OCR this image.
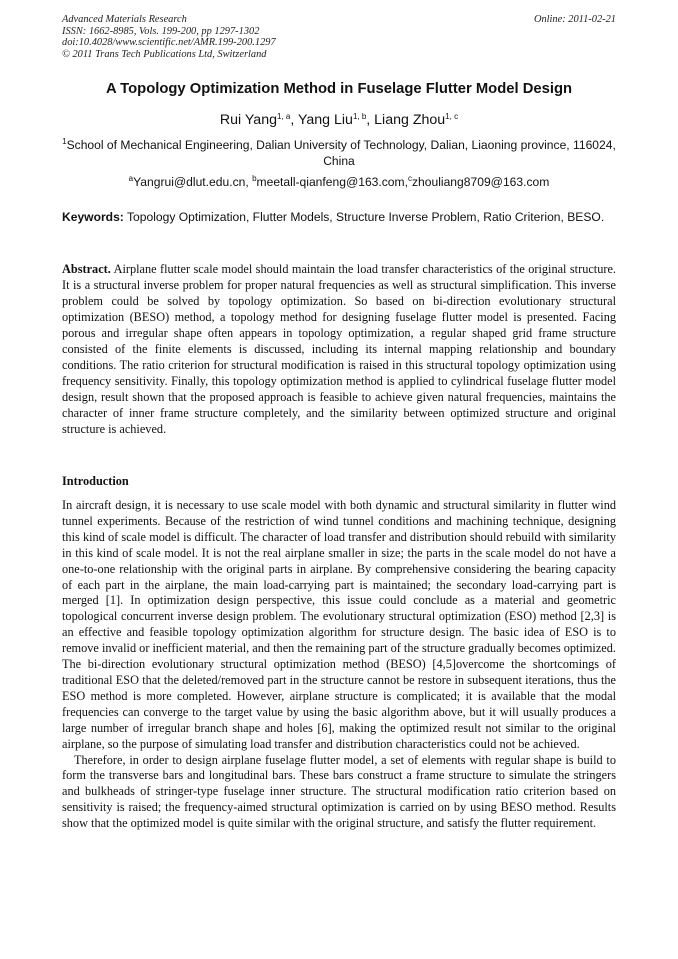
Advanced Materials Research
ISSN: 1662-8985, Vols. 199-200, pp 1297-1302
doi:10.4028/www.scientific.net/AMR.199-200.1297
© 2011 Trans Tech Publications Ltd, Switzerland
Online: 2011-02-21
A Topology Optimization Method in Fuselage Flutter Model Design
Rui Yang$^{1, a}$, Yang Liu$^{1, b}$, Liang Zhou$^{1, c}$
$^1$School of Mechanical Engineering, Dalian University of Technology, Dalian, Liaoning province, 116024, China
$^a$Yangrui@dlut.edu.cn, $^b$meetall-qianfeng@163.com,$^c$zhouliang8709@163.com
Keywords: Topology Optimization, Flutter Models, Structure Inverse Problem, Ratio Criterion, BESO.
Abstract. Airplane flutter scale model should maintain the load transfer characteristics of the original structure. It is a structural inverse problem for proper natural frequencies as well as structural simplification. This inverse problem could be solved by topology optimization. So based on bi-direction evolutionary structural optimization (BESO) method, a topology method for designing fuselage flutter model is presented. Facing porous and irregular shape often appears in topology optimization, a regular shaped grid frame structure consisted of the finite elements is discussed, including its internal mapping relationship and boundary conditions. The ratio criterion for structural modification is raised in this structural topology optimization using frequency sensitivity. Finally, this topology optimization method is applied to cylindrical fuselage flutter model design, result shown that the proposed approach is feasible to achieve given natural frequencies, maintains the character of inner frame structure completely, and the similarity between optimized structure and original structure is achieved.
Introduction

In aircraft design, it is necessary to use scale model with both dynamic and structural similarity in flutter wind tunnel experiments. Because of the restriction of wind tunnel conditions and machining technique, designing this kind of scale model is difficult. The character of load transfer and distribution should rebuild with similarity in this kind of scale model. It is not the real airplane smaller in size; the parts in the scale model do not have a one-to-one relationship with the original parts in airplane. By comprehensive considering the bearing capacity of each part in the airplane, the main load-carrying part is maintained; the secondary load-carrying part is merged [1]. In optimization design perspective, this issue could conclude as a material and geometric topological concurrent inverse design problem. The evolutionary structural optimization (ESO) method [2,3] is an effective and feasible topology optimization algorithm for structure design. The basic idea of ESO is to remove invalid or inefficient material, and then the remaining part of the structure gradually becomes optimized. The bi-direction evolutionary structural optimization method (BESO) [4,5]overcome the shortcomings of traditional ESO that the deleted/removed part in the structure cannot be restore in subsequent iterations, thus the ESO method is more completed. However, airplane structure is complicated; it is available that the modal frequencies can converge to the target value by using the basic algorithm above, but it will usually produces a large number of irregular branch shape and holes [6], making the optimized result not similar to the original airplane, so the purpose of simulating load transfer and distribution characteristics could not be achieved.

Therefore, in order to design airplane fuselage flutter model, a set of elements with regular shape is build to form the transverse bars and longitudinal bars. These bars construct a frame structure to simulate the stringers and bulkheads of stringer-type fuselage inner structure. The structural modification ratio criterion based on sensitivity is raised; the frequency-aimed structural optimization is carried on by using BESO method. Results show that the optimized model is quite similar with the original structure, and satisfy the flutter requirement.
